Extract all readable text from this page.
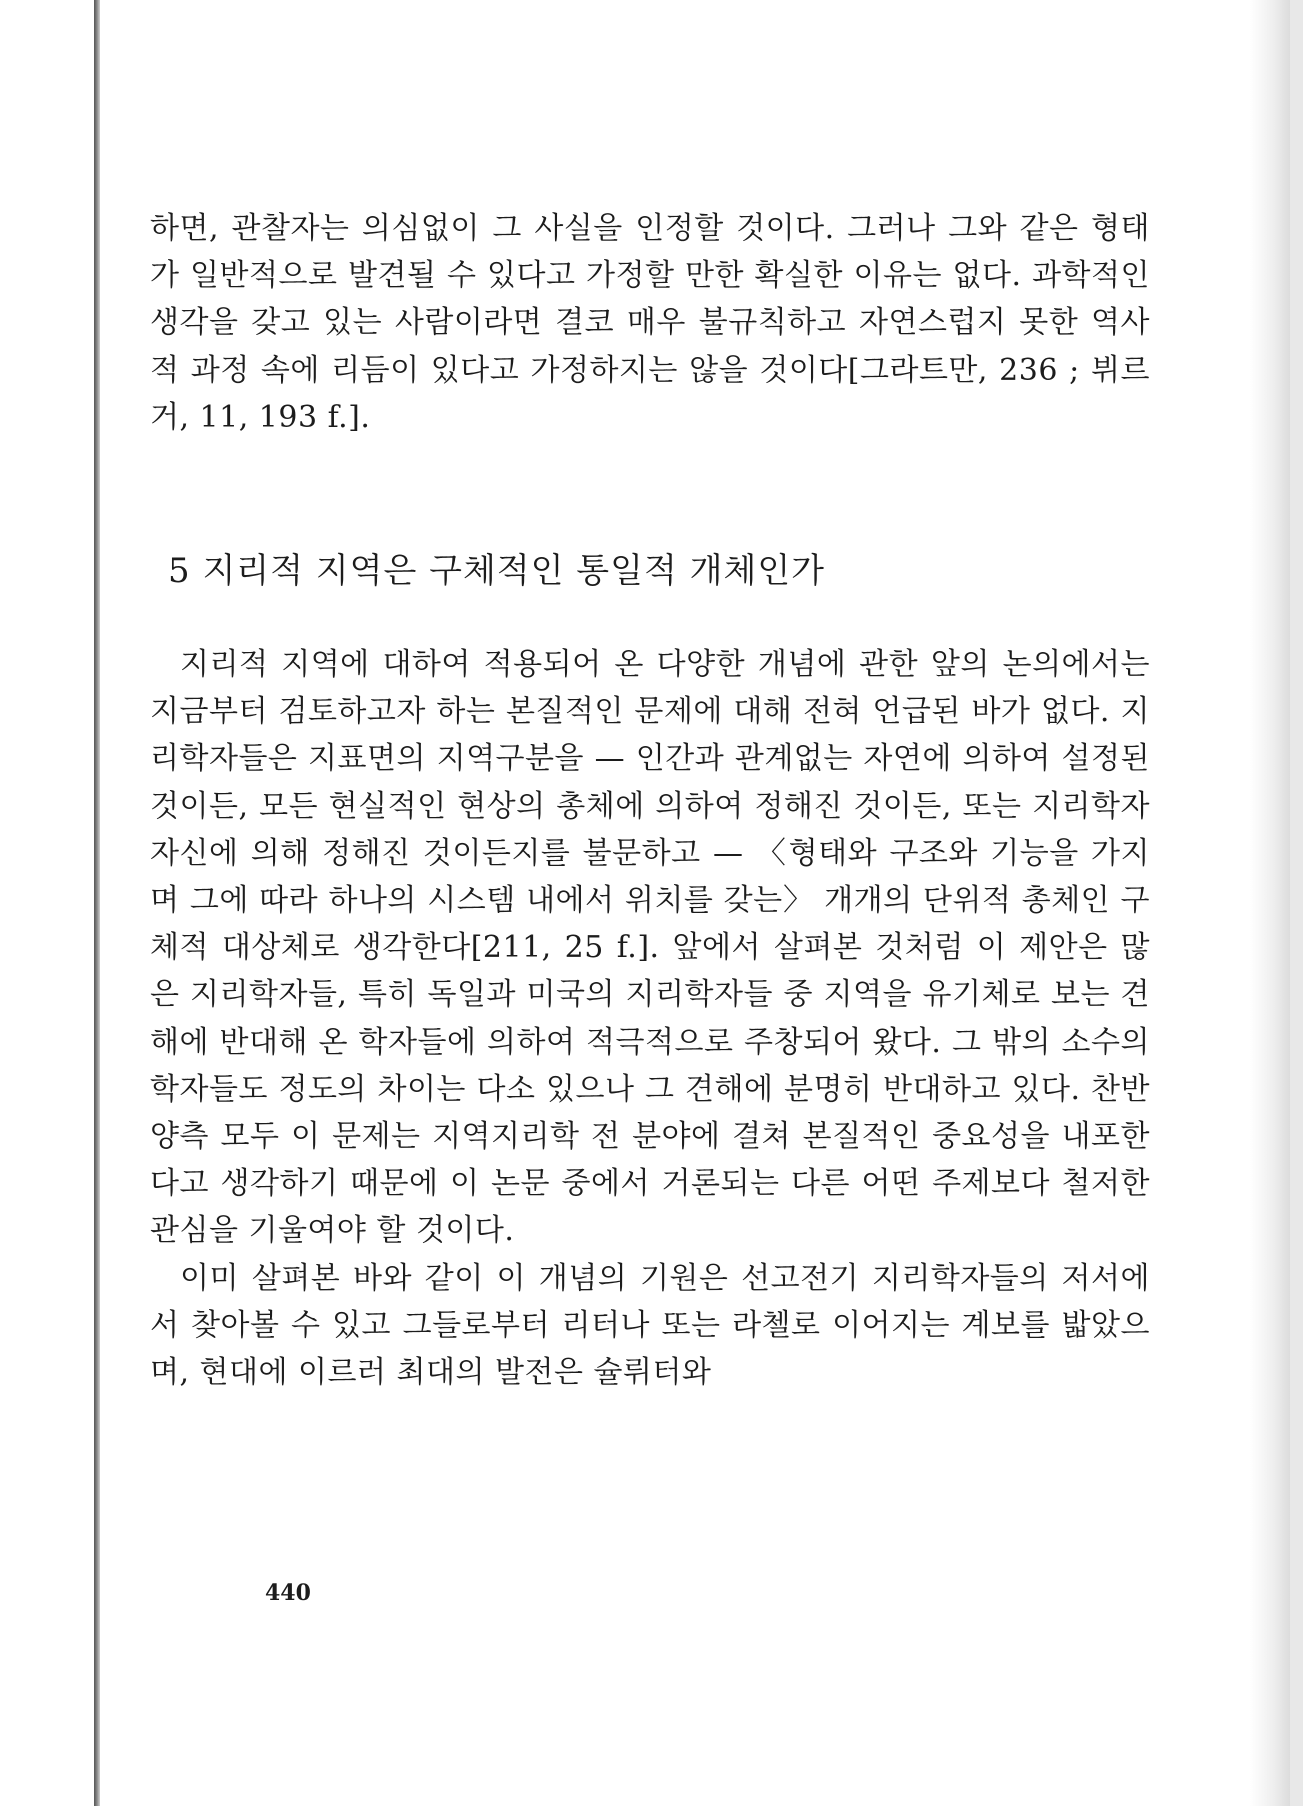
하면, 관찰자는 의심없이 그 사실을 인정할 것이다. 그러나 그와 같은 형태가 일반적으로 발견될 수 있다고 가정할 만한 확실한 이유는 없다. 과학적인 생각을 갖고 있는 사람이라면 결코 매우 불규칙하고 자연스럽지 못한 역사적 과정 속에 리듬이 있다고 가정하지는 않을 것이다[그라트만, 236 ; 뷔르거, 11, 193 f.].

5 지리적 지역은 구체적인 통일적 개체인가

지리적 지역에 대하여 적용되어 온 다양한 개념에 관한 앞의 논의에서는 지금부터 검토하고자 하는 본질적인 문제에 대해 전혀 언급된 바가 없다. 지리학자들은 지표면의 지역구분을 — 인간과 관계없는 자연에 의하여 설정된 것이든, 모든 현실적인 현상의 총체에 의하여 정해진 것이든, 또는 지리학자 자신에 의해 정해진 것이든지를 불문하고 — 〈형태와 구조와 기능을 가지며 그에 따라 하나의 시스템 내에서 위치를 갖는〉 개개의 단위적 총체인 구체적 대상체로 생각한다[211, 25 f.]. 앞에서 살펴본 것처럼 이 제안은 많은 지리학자들, 특히 독일과 미국의 지리학자들 중 지역을 유기체로 보는 견해에 반대해 온 학자들에 의하여 적극적으로 주창되어 왔다. 그 밖의 소수의 학자들도 정도의 차이는 다소 있으나 그 견해에 분명히 반대하고 있다. 찬반 양측 모두 이 문제는 지역지리학 전 분야에 결쳐 본질적인 중요성을 내포한다고 생각하기 때문에 이 논문 중에서 거론되는 다른 어떤 주제보다 철저한 관심을 기울여야 할 것이다.

이미 살펴본 바와 같이 이 개념의 기원은 선고전기 지리학자들의 저서에서 찾아볼 수 있고 그들로부터 리터나 또는 라첼로 이어지는 계보를 밟았으며, 현대에 이르러 최대의 발전은 슐뤼터와

440
